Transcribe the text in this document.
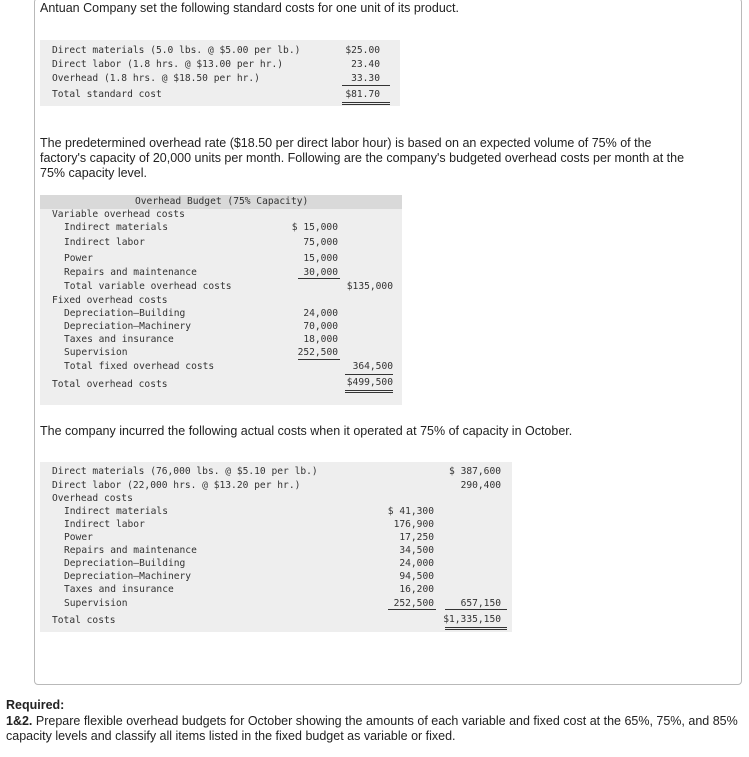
Antuan Company set the following standard costs for one unit of its product.
Direct materials (5.0 lbs. @ $5.00 per lb.)	$25.00
Direct labor (1.8 hrs. @ $13.00 per hr.)	23.40
Overhead (1.8 hrs. @ $18.50 per hr.)	33.30
Total standard cost	$81.70
The predetermined overhead rate ($18.50 per direct labor hour) is based on an expected volume of 75% of the factory's capacity of 20,000 units per month. Following are the company's budgeted overhead costs per month at the 75% capacity level.
Overhead Budget (75% Capacity)
Variable overhead costs
Indirect materials	$ 15,000
Indirect labor	75,000
Power	15,000
Repairs and maintenance	30,000
Total variable overhead costs	$135,000
Fixed overhead costs
Depreciation—Building	24,000
Depreciation—Machinery	70,000
Taxes and insurance	18,000
Supervision	252,500
Total fixed overhead costs	364,500
Total overhead costs	$499,500
The company incurred the following actual costs when it operated at 75% of capacity in October.
Direct materials (76,000 lbs. @ $5.10 per lb.)	$ 387,600
Direct labor (22,000 hrs. @ $13.20 per hr.)	290,400
Overhead costs
Indirect materials	$ 41,300
Indirect labor	176,900
Power	17,250
Repairs and maintenance	34,500
Depreciation—Building	24,000
Depreciation—Machinery	94,500
Taxes and insurance	16,200
Supervision	252,500	657,150
Total costs	$1,335,150
Required:
1&2. Prepare flexible overhead budgets for October showing the amounts of each variable and fixed cost at the 65%, 75%, and 85% capacity levels and classify all items listed in the fixed budget as variable or fixed.
